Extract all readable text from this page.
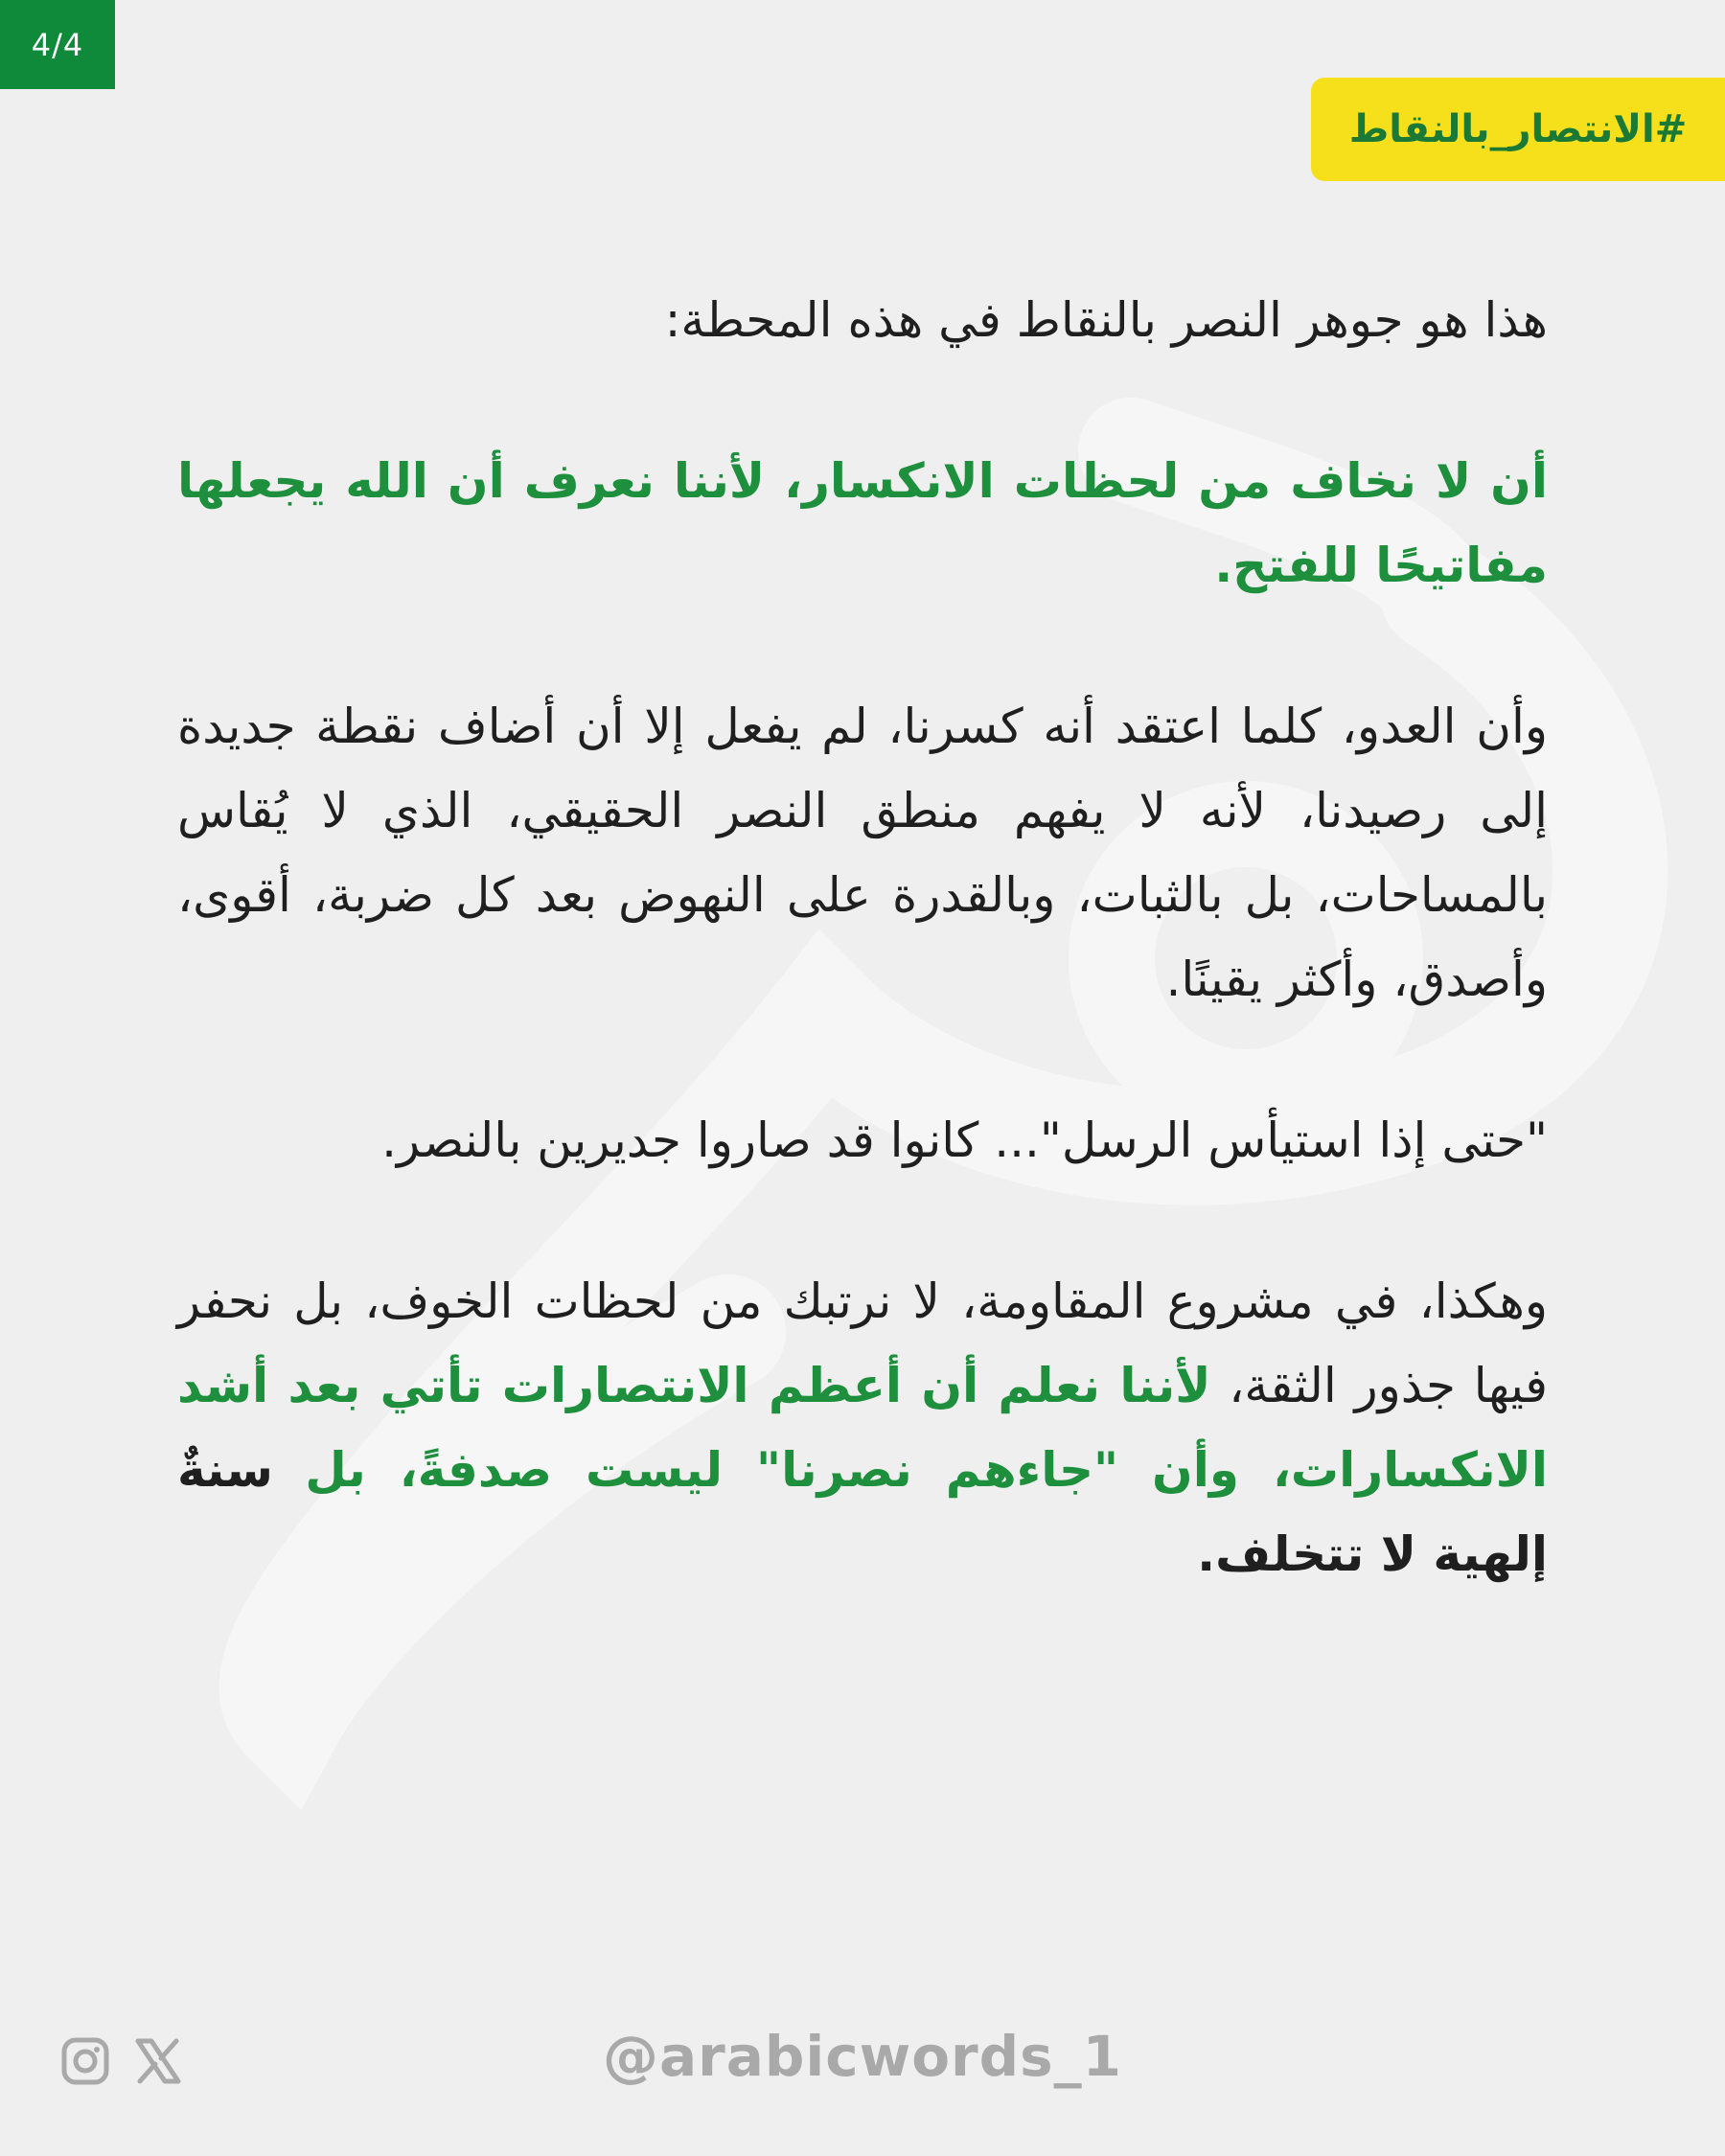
4/4
#الانتصار_بالنقاط

هذا هو جوهر النصر بالنقاط في هذه المحطة:

أن لا نخاف من لحظات الانكسار، لأننا نعرف أن الله يجعلها مفاتيحًا للفتح.

وأن العدو، كلما اعتقد أنه كسرنا، لم يفعل إلا أن أضاف نقطة جديدة إلى رصيدنا، لأنه لا يفهم منطق النصر الحقيقي، الذي لا يُقاس بالمساحات، بل بالثبات، وبالقدرة على النهوض بعد كل ضربة، أقوى، وأصدق، وأكثر يقينًا.

"حتى إذا استيأس الرسل"... كانوا قد صاروا جديرين بالنصر.

وهكذا، في مشروع المقاومة، لا نرتبك من لحظات الخوف، بل نحفر فيها جذور الثقة، لأننا نعلم أن أعظم الانتصارات تأتي بعد أشد الانكسارات، وأن "جاءهم نصرنا" ليست صدفةً، بل سنةٌ إلهية لا تتخلف.

@arabicwords_1
